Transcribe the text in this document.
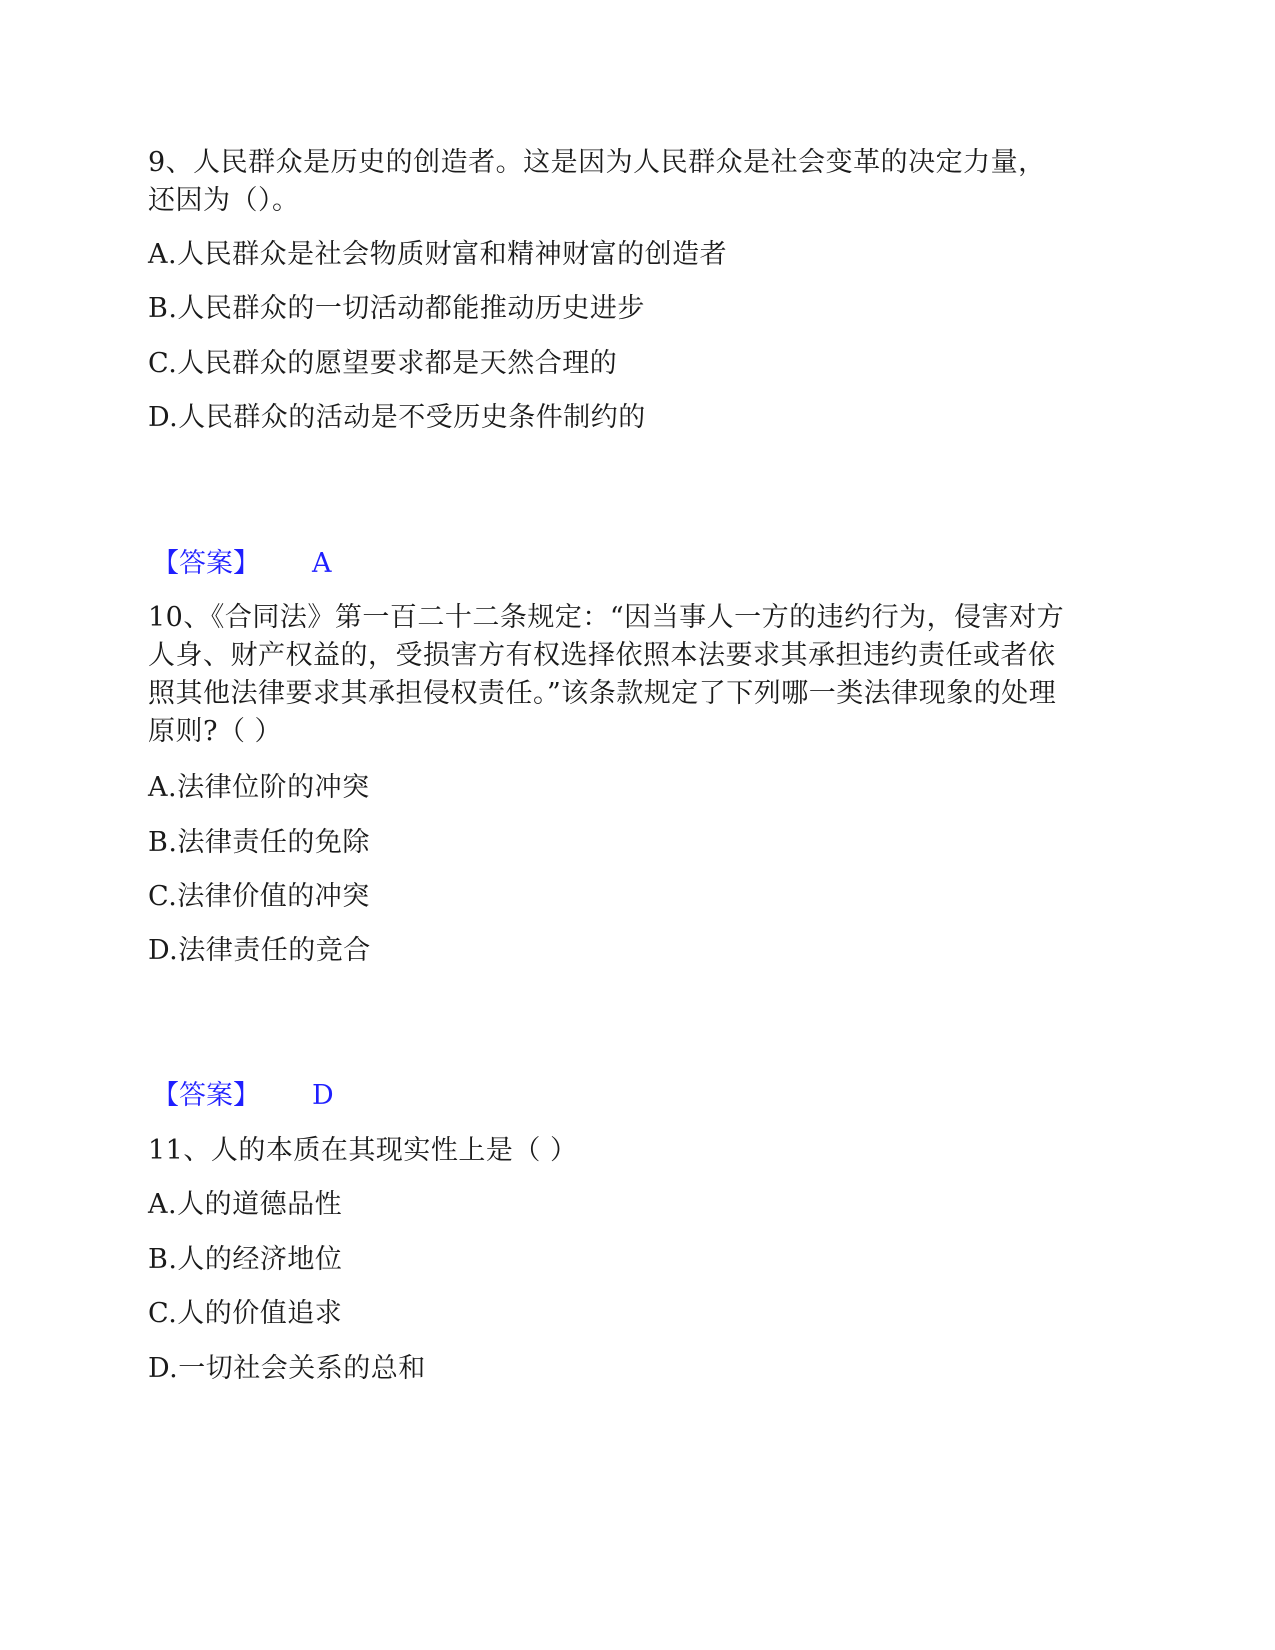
9、人民群众是历史的创造者。这是因为人民群众是社会变革的决定力量，
还因为（）。
A.人民群众是社会物质财富和精神财富的创造者
B.人民群众的一切活动都能推动历史进步
C.人民群众的愿望要求都是天然合理的
D.人民群众的活动是不受历史条件制约的
【答案】 A
10、《合同法》第一百二十二条规定：“因当事人一方的违约行为，侵害对方
人身、财产权益的，受损害方有权选择依照本法要求其承担违约责任或者依
照其他法律要求其承担侵权责任。”该条款规定了下列哪一类法律现象的处理
原则?（ ）
A.法律位阶的冲突
B.法律责任的免除
C.法律价值的冲突
D.法律责任的竞合
【答案】 D
11、人的本质在其现实性上是（ ）
A.人的道德品性
B.人的经济地位
C.人的价值追求
D.一切社会关系的总和
